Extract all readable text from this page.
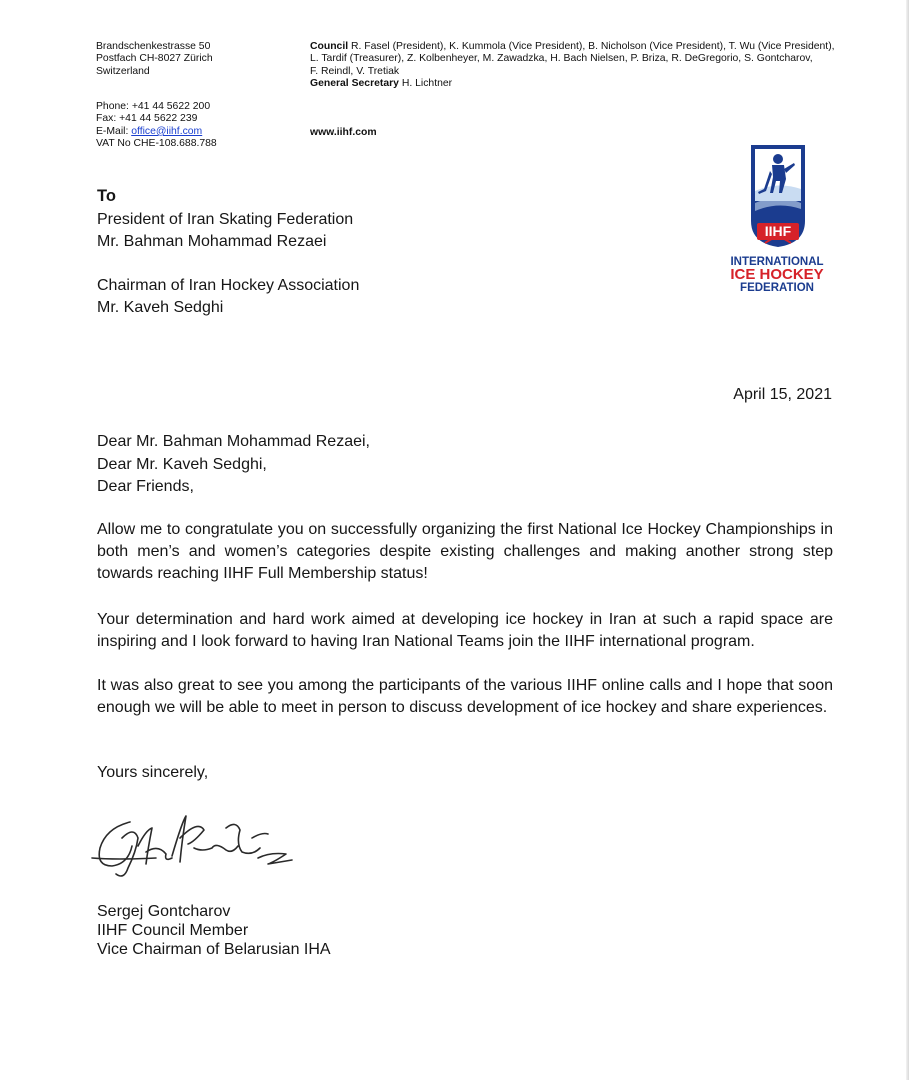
Brandschenkestrasse 50
Postfach CH-8027 Zürich
Switzerland
Phone: +41 44 5622 200
Fax: +41 44 5622 239
E-Mail: office@iihf.com
VAT No CHE-108.688.788
Council R. Fasel (President), K. Kummola (Vice President), B. Nicholson (Vice President), T. Wu (Vice President),
L. Tardif (Treasurer), Z. Kolbenheyer, M. Zawadzka, H. Bach Nielsen, P. Briza, R. DeGregorio, S. Gontcharov,
F. Reindl, V. Tretiak
General Secretary H. Lichtner
www.iihf.com
IIHF
INTERNATIONAL
ICE HOCKEY
FEDERATION
To
President of Iran Skating Federation
Mr. Bahman Mohammad Rezaei
Chairman of Iran Hockey Association
Mr. Kaveh Sedghi
April 15, 2021
Dear Mr. Bahman Mohammad Rezaei,
Dear Mr. Kaveh Sedghi,
Dear Friends,
Allow me to congratulate you on successfully organizing the first National Ice Hockey Championships in both men’s and women’s categories despite existing challenges and making another strong step towards reaching IIHF Full Membership status!
Your determination and hard work aimed at developing ice hockey in Iran at such a rapid space are inspiring and I look forward to having Iran National Teams join the IIHF international program.
It was also great to see you among the participants of the various IIHF online calls and I hope that soon enough we will be able to meet in person to discuss development of ice hockey and share experiences.
Yours sincerely,
Sergej Gontcharov
IIHF Council Member
Vice Chairman of Belarusian IHA
